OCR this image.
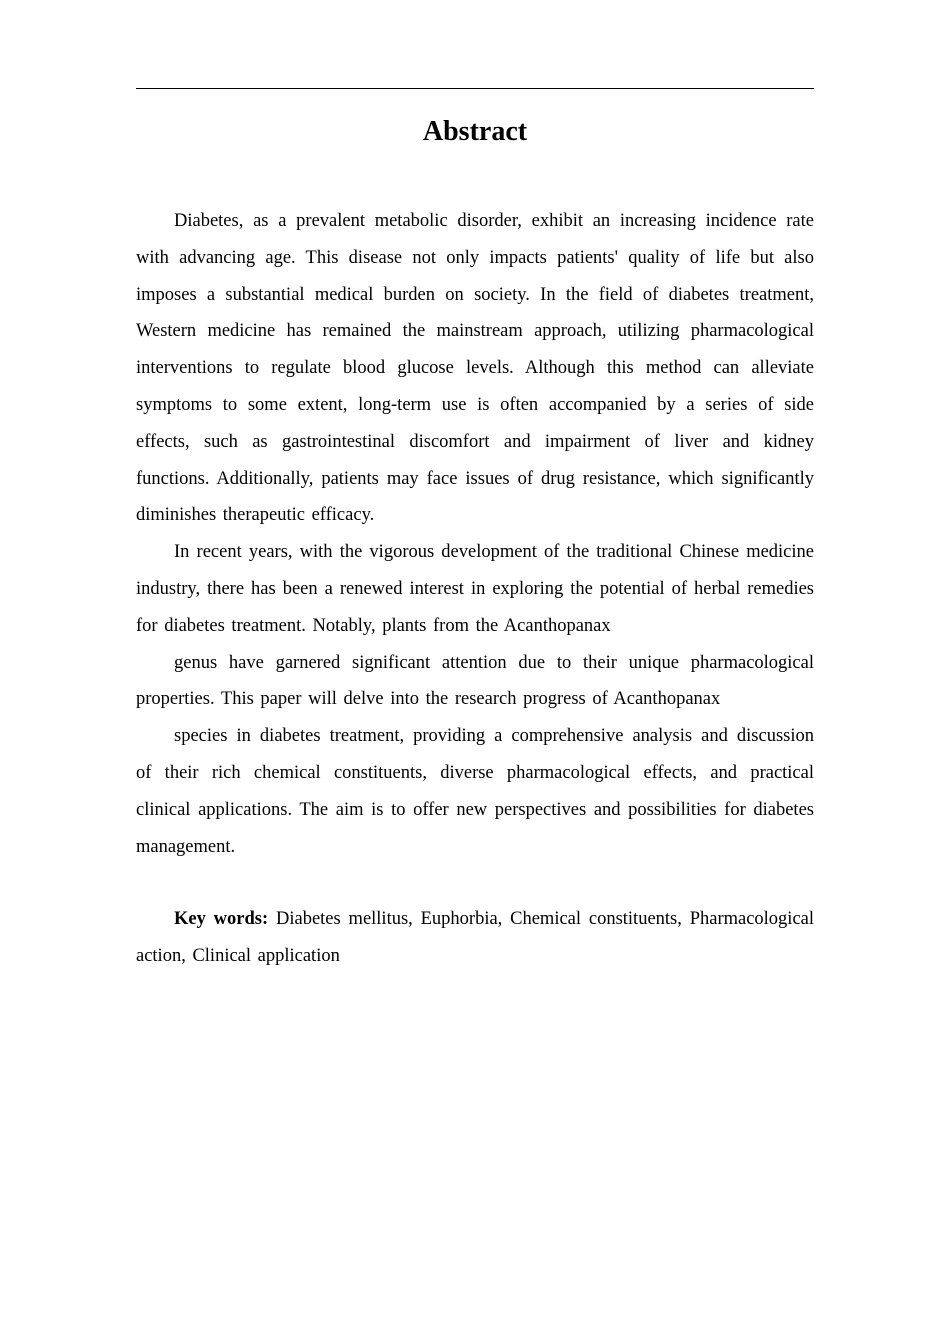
Abstract

Diabetes, as a prevalent metabolic disorder, exhibit an increasing incidence rate with advancing age. This disease not only impacts patients' quality of life but also imposes a substantial medical burden on society. In the field of diabetes treatment, Western medicine has remained the mainstream approach, utilizing pharmacological interventions to regulate blood glucose levels. Although this method can alleviate symptoms to some extent, long-term use is often accompanied by a series of side effects, such as gastrointestinal discomfort and impairment of liver and kidney functions. Additionally, patients may face issues of drug resistance, which significantly diminishes therapeutic efficacy.

In recent years, with the vigorous development of the traditional Chinese medicine industry, there has been a renewed interest in exploring the potential of herbal remedies for diabetes treatment. Notably, plants from the Acanthopanax

genus have garnered significant attention due to their unique pharmacological properties. This paper will delve into the research progress of Acanthopanax

species in diabetes treatment, providing a comprehensive analysis and discussion of their rich chemical constituents, diverse pharmacological effects, and practical clinical applications. The aim is to offer new perspectives and possibilities for diabetes management.

Key words: Diabetes mellitus, Euphorbia, Chemical constituents, Pharmacological action, Clinical application
